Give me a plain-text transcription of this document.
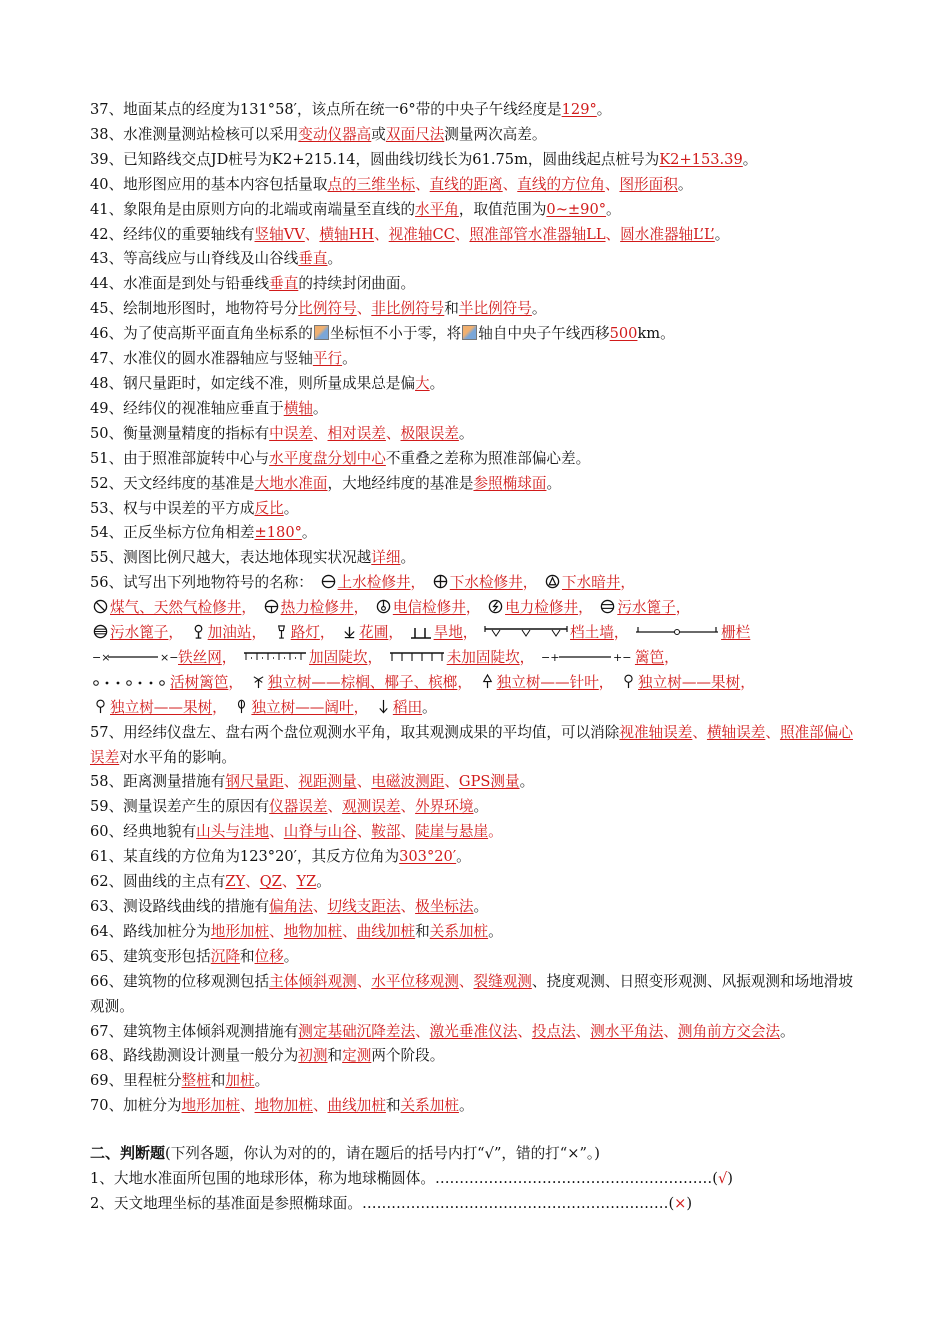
37、地面某点的经度为131°58′，该点所在统一6°带的中央子午线经度是129°。
38、水准测量测站检核可以采用变动仪器高或双面尺法测量两次高差。
39、已知路线交点JD桩号为K2+215.14，圆曲线切线长为61.75m，圆曲线起点桩号为K2+153.39。
40、地形图应用的基本内容包括量取点的三维坐标、直线的距离、直线的方位角、图形面积。
41、象限角是由原则方向的北端或南端量至直线的水平角，取值范围为0~±90°。
42、经纬仪的重要轴线有竖轴VV、横轴HH、视准轴CC、照准部管水准器轴LL、圆水准器轴L’L’。
43、等高线应与山脊线及山谷线垂直。
44、水准面是到处与铅垂线垂直的持续封闭曲面。
45、绘制地形图时，地物符号分比例符号、非比例符号和半比例符号。
46、为了使高斯平面直角坐标系的 坐标恒不小于零，将 轴自中央子午线西移500km。
47、水准仪的圆水准器轴应与竖轴平行。
48、钢尺量距时，如定线不准，则所量成果总是偏大。
49、经纬仪的视准轴应垂直于横轴。
50、衡量测量精度的指标有中误差、相对误差、极限误差。
51、由于照准部旋转中心与水平度盘分划中心不重叠之差称为照准部偏心差。
52、天文经纬度的基准是大地水准面，大地经纬度的基准是参照椭球面。
53、权与中误差的平方成反比。
54、正反坐标方位角相差±180°。
55、测图比例尺越大，表达地体现实状况越详细。
56、试写出下列地物符号的名称： 上水检修井， 下水检修井， 下水暗井，
煤气、天然气检修井， 热力检修井， 电信检修井， 电力检修井， 污水篦子，
污水篦子， 加油站， 路灯， 花圃， 旱地，	档土墙，	栅栏
−×	×− 铁丝网，	加固陡坎，	未加固陡坎， −+	+− 篱笆，
活树篱笆， 独立树——棕榈、椰子、槟榔， 独立树——针叶， 独立树——果树，
独立树——果树， 独立树——阔叶， 稻田。
57、用经纬仪盘左、盘右两个盘位观测水平角，取其观测成果的平均值，可以消除视准轴误差、横轴误差、照准部偏心误差对水平角的影响。
58、距离测量措施有钢尺量距、视距测量、电磁波测距、GPS测量。
59、测量误差产生的原因有仪器误差、观测误差、外界环境。
60、经典地貌有山头与洼地、山脊与山谷、鞍部、陡崖与悬崖。
61、某直线的方位角为123°20′，其反方位角为303°20′。
62、圆曲线的主点有ZY、QZ、YZ。
63、测设路线曲线的措施有偏角法、切线支距法、极坐标法。
64、路线加桩分为地形加桩、地物加桩、曲线加桩和关系加桩。
65、建筑变形包括沉降和位移。
66、建筑物的位移观测包括主体倾斜观测、水平位移观测、裂缝观测、挠度观测、日照变形观测、风振观测和场地滑坡观测。
67、建筑物主体倾斜观测措施有测定基础沉降差法、激光垂准仪法、投点法、测水平角法、测角前方交会法。
68、路线勘测设计测量一般分为初测和定测两个阶段。
69、里程桩分整桩和加桩。
70、加桩分为地形加桩、地物加桩、曲线加桩和关系加桩。
二、判断题(下列各题，你认为对的的，请在题后的括号内打“√”，错的打“×”。)
1、大地水准面所包围的地球形体，称为地球椭圆体。…………………………………………………(√)
2、天文地理坐标的基准面是参照椭球面。………………………………………………………(×)
